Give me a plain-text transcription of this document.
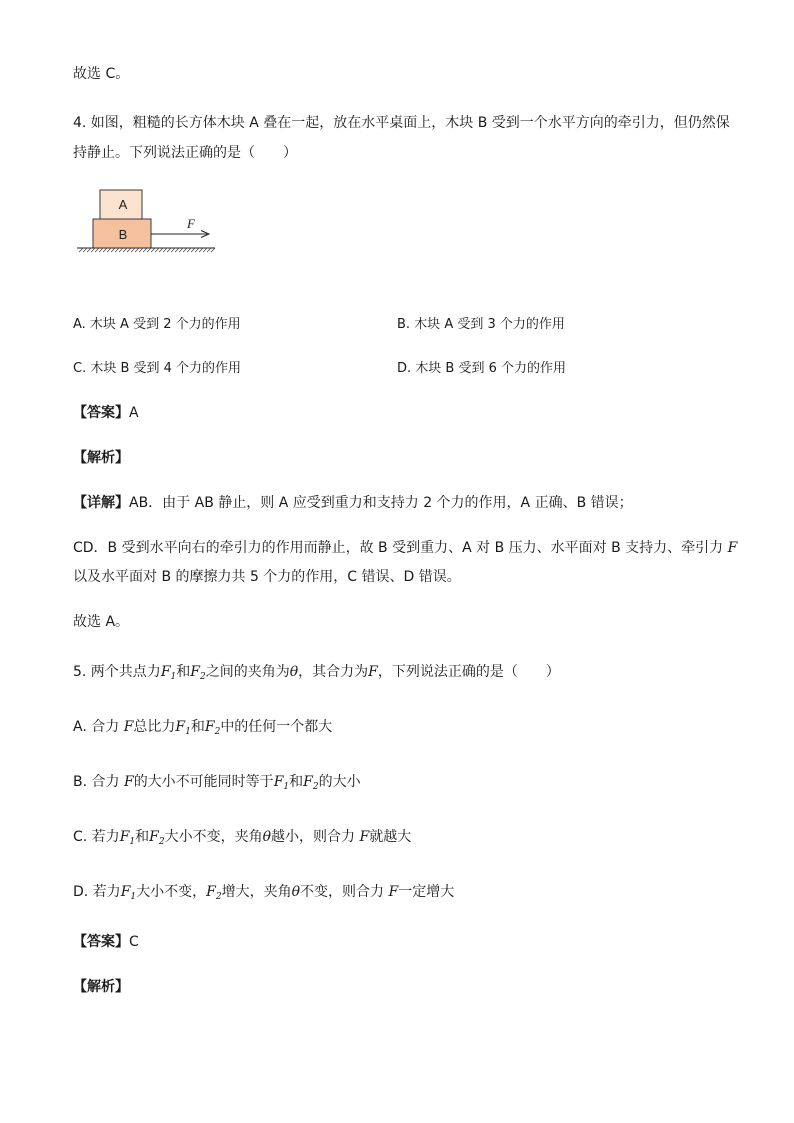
故选 C。
4. 如图，粗糙的长方体木块 A 叠在一起，放在水平桌面上，木块 B 受到一个水平方向的牵引力，但仍然保
持静止。下列说法正确的是（　　）
A
B
F
A. 木块 A 受到 2 个力的作用	B. 木块 A 受到 3 个力的作用
C. 木块 B 受到 4 个力的作用	D. 木块 B 受到 6 个力的作用
【答案】A
【解析】
【详解】AB．由于 AB 静止，则 A 应受到重力和支持力 2 个力的作用，A 正确、B 错误；
CD．B 受到水平向右的牵引力的作用而静止，故 B 受到重力、A 对 B 压力、水平面对 B 支持力、牵引力 F
以及水平面对 B 的摩擦力共 5 个力的作用，C 错误、D 错误。
故选 A。
5. 两个共点力$F_1$和$F_2$之间的夹角为θ，其合力为F，下列说法正确的是（　　）
A. 合力 F总比力$F_1$和$F_2$中的任何一个都大
B. 合力 F的大小不可能同时等于$F_1$和$F_2$的大小
C. 若力$F_1$和$F_2$大小不变，夹角θ越小，则合力 F就越大
D. 若力$F_1$大小不变，$F_2$增大，夹角θ不变，则合力 F一定增大
【答案】C
【解析】
